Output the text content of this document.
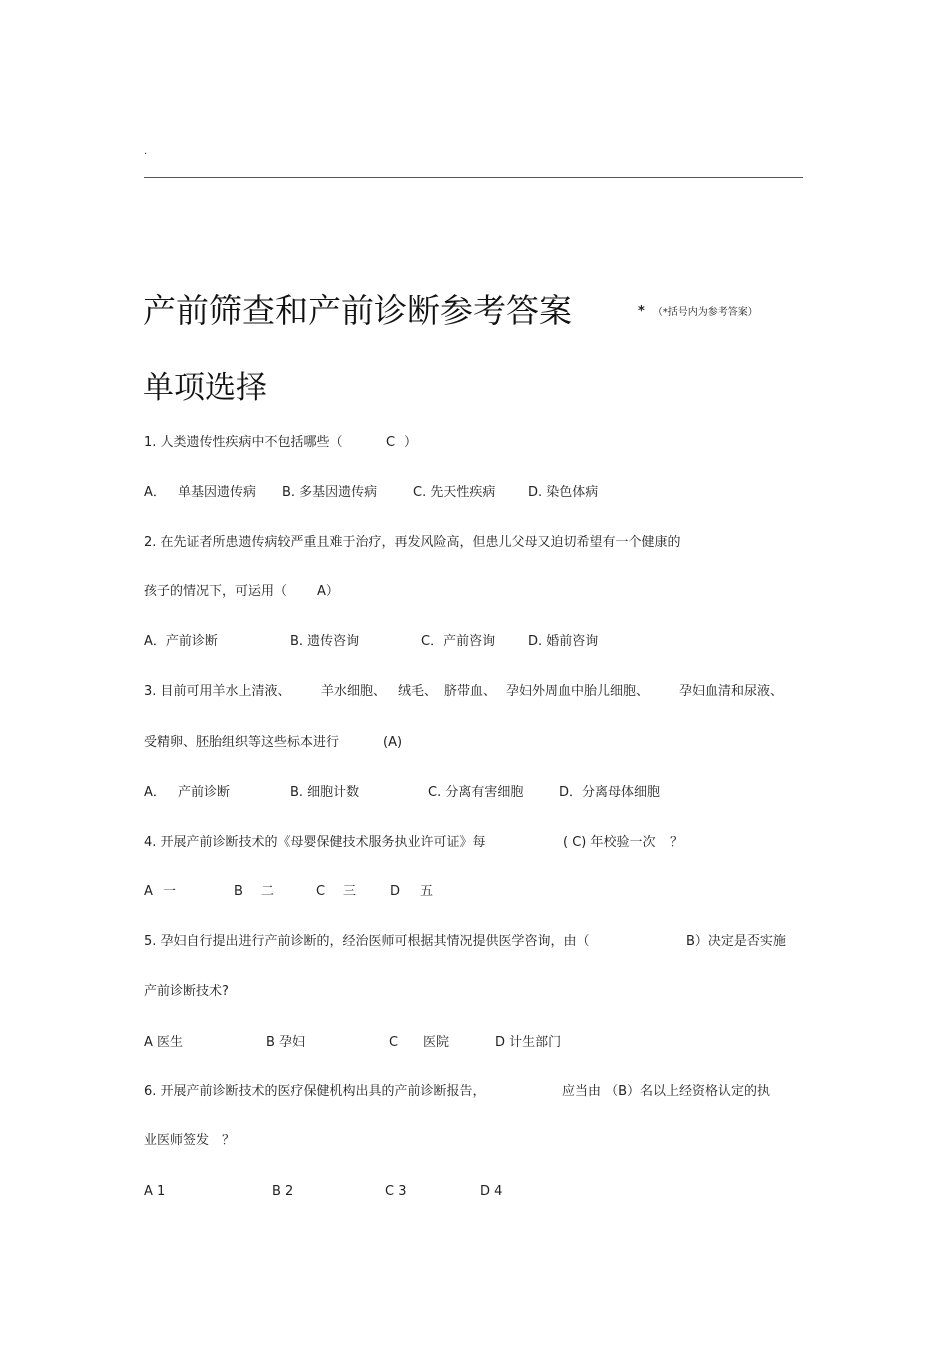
.
产前筛查和产前诊断参考答案	* （*括号内为参考答案）
单项选择
1. 人类遗传性疾病中不包括哪些（	C ）
A． 单基因遗传病 B. 多基因遗传病	C. 先天性疾病	D. 染色体病
2. 在先证者所患遗传病较严重且难于治疗，再发风险高，但患儿父母又迫切希望有一个健康的
孩子的情况下，可运用（ A）
A．产前诊断	B. 遗传咨询	C．产前咨询	D. 婚前咨询
3. 目前可用羊水上清液、 羊水细胞、 绒毛、 脐带血、 孕妇外周血中胎儿细胞、 孕妇血清和尿液、
受精卵、胚胎组织等这些标本进行	(A)
A． 产前诊断	B. 细胞计数	C. 分离有害细胞	D．分离母体细胞
4. 开展产前诊断技术的《母婴保健技术服务执业许可证》每	( C) 年校验一次 ？
A 一	B 二	C 三	D 五
5. 孕妇自行提出进行产前诊断的，经治医师可根据其情况提供医学咨询，由（	B）决定是否实施
产前诊断技术?
A 医生	B 孕妇	C 医院	D 计生部门
6. 开展产前诊断技术的医疗保健机构出具的产前诊断报告，	应当由 （B）名以上经资格认定的执
业医师签发 ？
A 1	B 2	C 3	D 4
